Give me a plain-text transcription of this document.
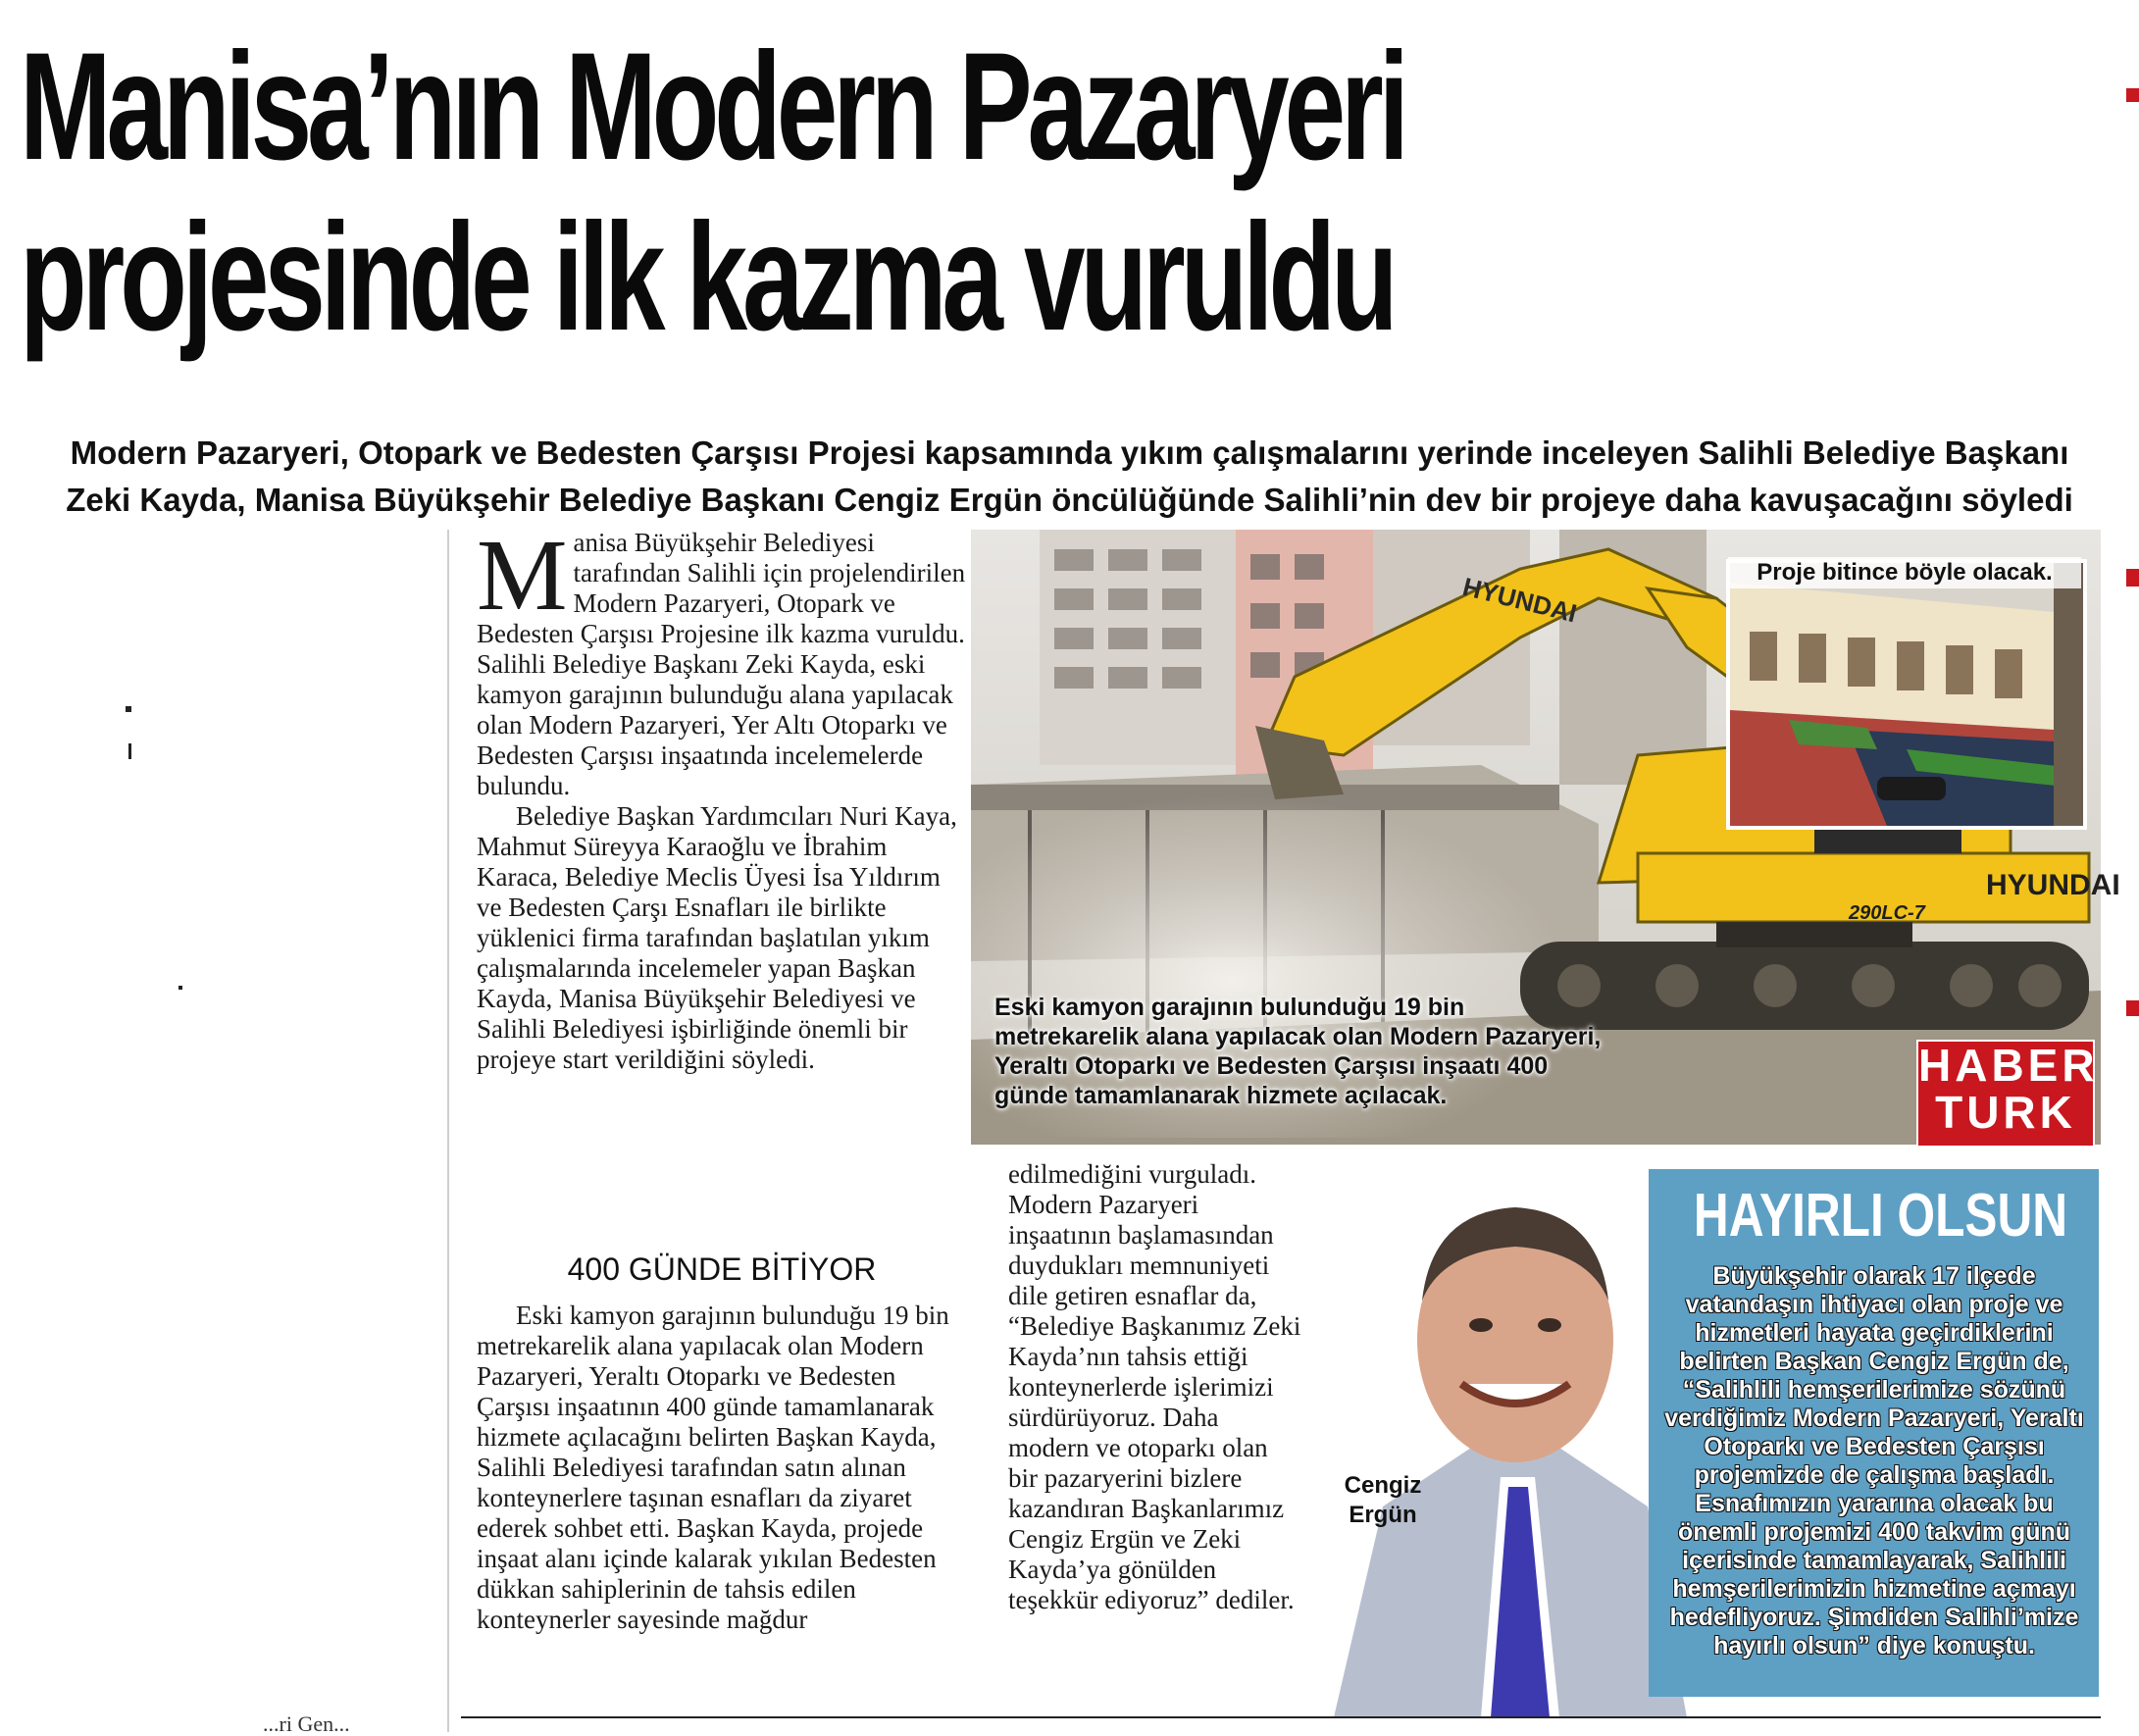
Manisa’nın Modern Pazaryeri
projesinde ilk kazma vuruldu
Modern Pazaryeri, Otopark ve Bedesten Çarşısı Projesi kapsamında yıkım çalışmalarını yerinde inceleyen Salihli Belediye Başkanı
Zeki Kayda, Manisa Büyükşehir Belediye Başkanı Cengiz Ergün öncülüğünde Salihli’nin dev bir projeye daha kavuşacağını söyledi
M anisa Büyükşehir Belediyesi tarafından Salihli için projelendirilen Modern Pazaryeri, Otopark ve Bedesten Çarşısı Projesine ilk kazma vuruldu. Salihli Belediye Başkanı Zeki Kayda, eski kamyon garajının bulunduğu alana yapılacak olan Modern Pazaryeri, Yer Altı Otoparkı ve Bedesten Çarşısı inşaatında incelemelerde bulundu.

Belediye Başkan Yardımcıları Nuri Kaya, Mahmut Süreyya Karaoğlu ve İbrahim Karaca, Belediye Meclis Üyesi İsa Yıldırım ve Bedesten Çarşı Esnafları ile birlikte yüklenici firma tarafından başlatılan yıkım çalışmalarında incelemeler yapan Başkan Kayda, Manisa Büyükşehir Belediyesi ve Salihli Belediyesi işbirliğinde önemli bir projeye start verildiğini söyledi.

400 GÜNDE BİTİYOR

Eski kamyon garajının bulunduğu 19 bin metrekarelik alana yapılacak olan Modern Pazaryeri, Yeraltı Otoparkı ve Bedesten Çarşısı inşaatının 400 günde tamamlanarak hizmete açılacağını belirten Başkan Kayda, Salihli Belediyesi tarafından satın alınan konteynerlere taşınan esnafları da ziyaret ederek sohbet etti. Başkan Kayda, projede inşaat alanı içinde kalarak yıkılan Bedesten dükkan sahiplerinin de tahsis edilen konteynerler sayesinde mağdur

edilmediğini vurguladı. Modern Pazaryeri inşaatının başlamasından duydukları memnuniyeti dile getiren esnaflar da, “Belediye Başkanımız Zeki Kayda’nın tahsis ettiği konteynerlerde işlerimizi sürdürüyoruz. Daha modern ve otoparkı olan bir pazaryerini bizlere kazandıran Başkanlarımız Cengiz Ergün ve Zeki Kayda’ya gönülden teşekkür ediyoruz” dediler.

HYUNDAI
HYUNDAI
290LC-7
Proje bitince böyle olacak.
Eski kamyon garajının bulunduğu 19 bin metrekarelik alana yapılacak olan Modern Pazaryeri, Yeraltı Otoparkı ve Bedesten Çarşısı inşaatı 400 günde tamamlanarak hizmete açılacak.
HABER
TURK
Cengiz
Ergün
HAYIRLI OLSUN
Büyükşehir olarak 17 ilçede vatandaşın ihtiyacı olan proje ve hizmetleri hayata geçirdiklerini belirten Başkan Cengiz Ergün de, “Salihlili hemşerilerimize sözünü verdiğimiz Modern Pazaryeri, Yeraltı Otoparkı ve Bedesten Çarşısı projemizde de çalışma başladı. Esnafımızın yararına olacak bu önemli projemizi 400 takvim günü içerisinde tamamlayarak, Salihlili hemşerilerimizin hizmetine açmayı hedefliyoruz. Şimdiden Salihli’mize hayırlı olsun” diye konuştu.
...ri Gen...
